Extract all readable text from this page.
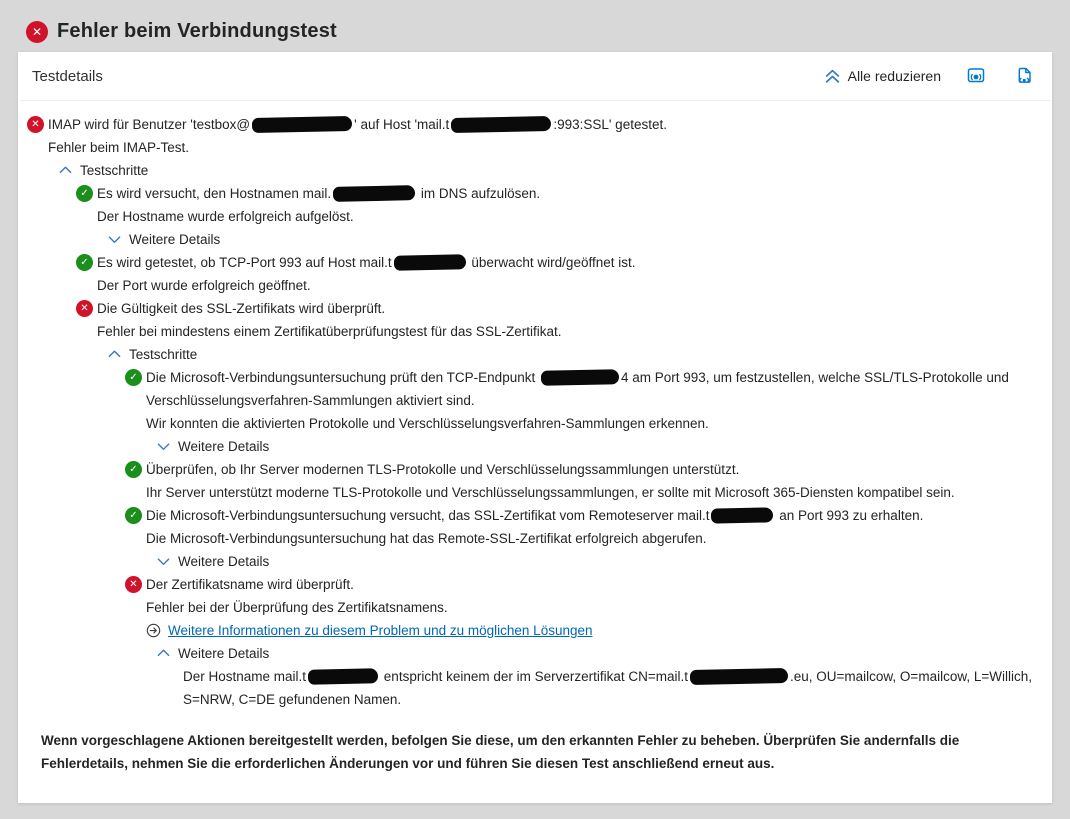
✕ Fehler beim Verbindungstest
Testdetails	Alle reduzieren
✕ IMAP wird für Benutzer 'testbox@	' auf Host 'mail.t	:993:SSL' getestet.
Fehler beim IMAP-Test.
Testschritte
✓ Es wird versucht, den Hostnamen mail.	im DNS aufzulösen.
Der Hostname wurde erfolgreich aufgelöst.
Weitere Details
✓ Es wird getestet, ob TCP-Port 993 auf Host mail.t	überwacht wird/geöffnet ist.
Der Port wurde erfolgreich geöffnet.
✕ Die Gültigkeit des SSL-Zertifikats wird überprüft.
Fehler bei mindestens einem Zertifikatüberprüfungstest für das SSL-Zertifikat.
Testschritte
✓ Die Microsoft-Verbindungsuntersuchung prüft den TCP-Endpunkt	4 am Port 993, um festzustellen, welche SSL/TLS-Protokolle und Verschlüsselungsverfahren-Sammlungen aktiviert sind.
Wir konnten die aktivierten Protokolle und Verschlüsselungsverfahren-Sammlungen erkennen.
Weitere Details
✓ Überprüfen, ob Ihr Server modernen TLS-Protokolle und Verschlüsselungssammlungen unterstützt.
Ihr Server unterstützt moderne TLS-Protokolle und Verschlüsselungssammlungen, er sollte mit Microsoft 365-Diensten kompatibel sein.
✓ Die Microsoft-Verbindungsuntersuchung versucht, das SSL-Zertifikat vom Remoteserver mail.t	an Port 993 zu erhalten.
Die Microsoft-Verbindungsuntersuchung hat das Remote-SSL-Zertifikat erfolgreich abgerufen.
Weitere Details
✕ Der Zertifikatsname wird überprüft.
Fehler bei der Überprüfung des Zertifikatsnamens.
Weitere Informationen zu diesem Problem und zu möglichen Lösungen
Weitere Details
Der Hostname mail.t	entspricht keinem der im Serverzertifikat CN=mail.t	.eu, OU=mailcow, O=mailcow, L=Willich, S=NRW, C=DE gefundenen Namen.

Wenn vorgeschlagene Aktionen bereitgestellt werden, befolgen Sie diese, um den erkannten Fehler zu beheben. Überprüfen Sie andernfalls die Fehlerdetails, nehmen Sie die erforderlichen Änderungen vor und führen Sie diesen Test anschließend erneut aus.
